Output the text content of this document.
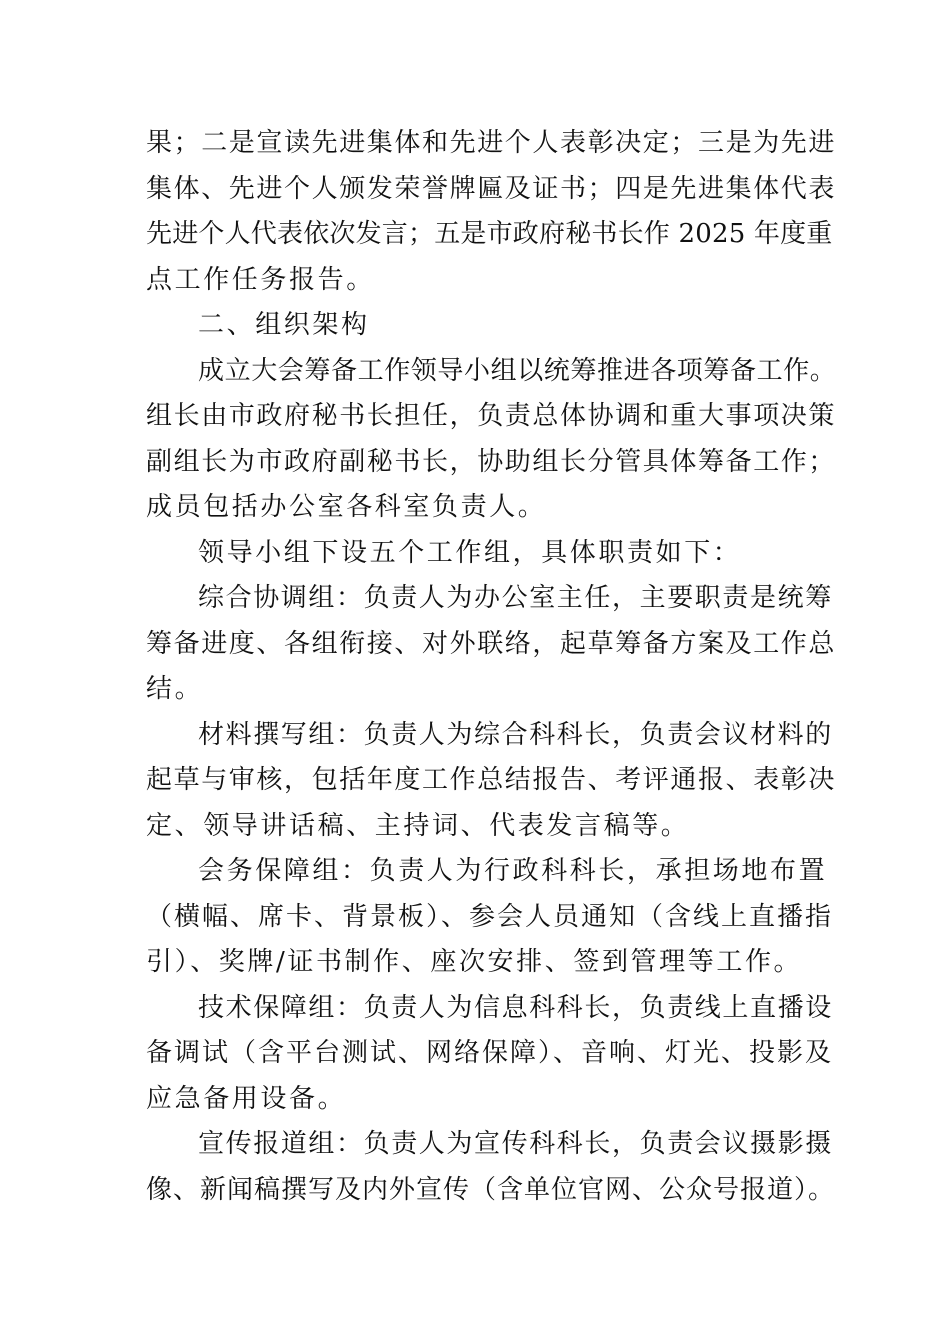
果；二是宣读先进集体和先进个人表彰决定；三是为先进
集体、先进个人颁发荣誉牌匾及证书；四是先进集体代表
先进个人代表依次发言；五是市政府秘书长作 2025 年度重
点工作任务报告。
二、组织架构
成立大会筹备工作领导小组以统筹推进各项筹备工作。
组长由市政府秘书长担任，负责总体协调和重大事项决策
副组长为市政府副秘书长，协助组长分管具体筹备工作；
成员包括办公室各科室负责人。
领导小组下设五个工作组，具体职责如下：
综合协调组：负责人为办公室主任，主要职责是统筹
筹备进度、各组衔接、对外联络，起草筹备方案及工作总
结。
材料撰写组：负责人为综合科科长，负责会议材料的
起草与审核，包括年度工作总结报告、考评通报、表彰决
定、领导讲话稿、主持词、代表发言稿等。
会务保障组：负责人为行政科科长，承担场地布置
（横幅、席卡、背景板）、参会人员通知（含线上直播指
引）、奖牌/证书制作、座次安排、签到管理等工作。
技术保障组：负责人为信息科科长，负责线上直播设
备调试（含平台测试、网络保障）、音响、灯光、投影及
应急备用设备。
宣传报道组：负责人为宣传科科长，负责会议摄影摄
像、新闻稿撰写及内外宣传（含单位官网、公众号报道）。
